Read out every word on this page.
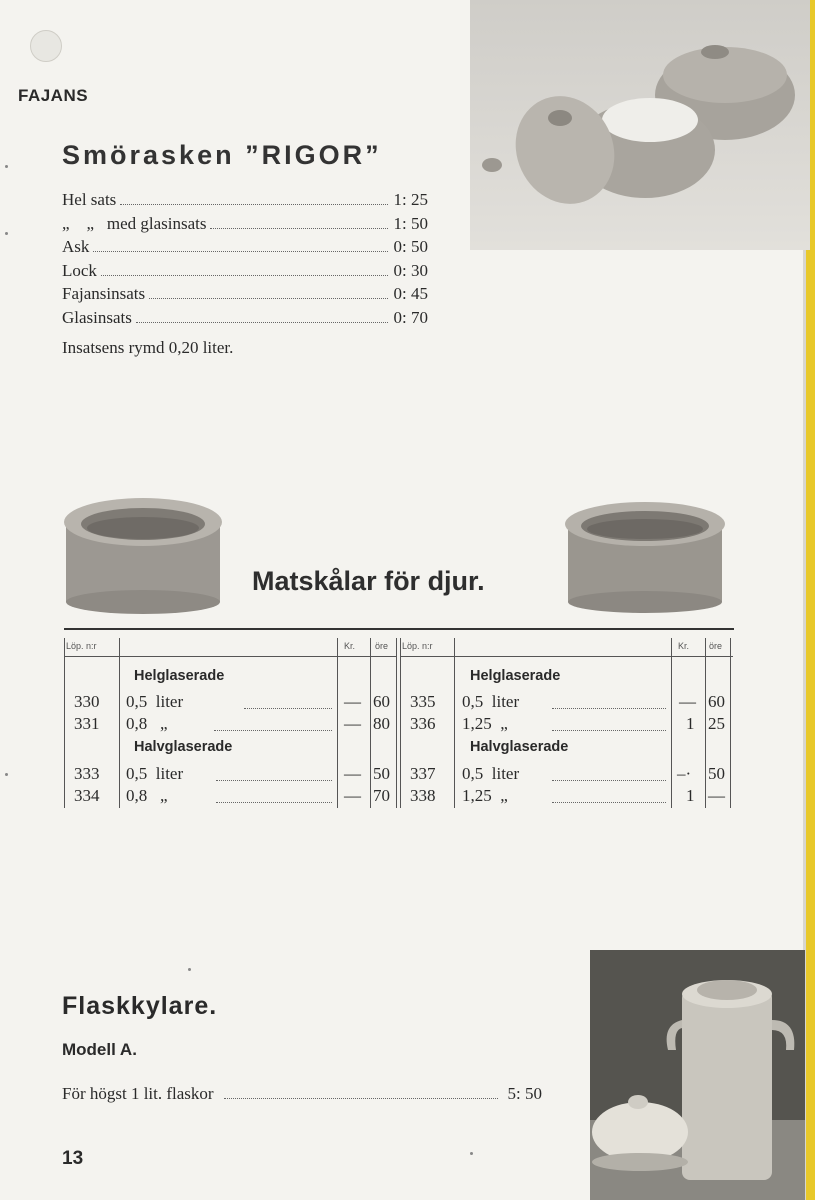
FAJANS
Smörasken ”RIGOR”
Hel sats	1: 25
„    „   med glasinsats	1: 50
Ask	0: 50
Lock	0: 30
Fajansinsats	0: 45
Glasinsats	0: 70
Insatsens rymd 0,20 liter.
Matskålar för djur.
Löp. n:r	Kr. öre
Helglaserade
330 0,5  liter	— 60
331 0,8   „	— 80
Halvglaserade
333 0,5  liter	— 50
334 0,8   „	— 70
Löp. n:r	Kr. öre
Helglaserade
335 0,5  liter	— 60
336 1,25  „	1 25
Halvglaserade
337 0,5  liter	–· 50
338 1,25  „	1 —
Flaskkylare.
Modell A.
För högst 1 lit. flaskor	5: 50
13
